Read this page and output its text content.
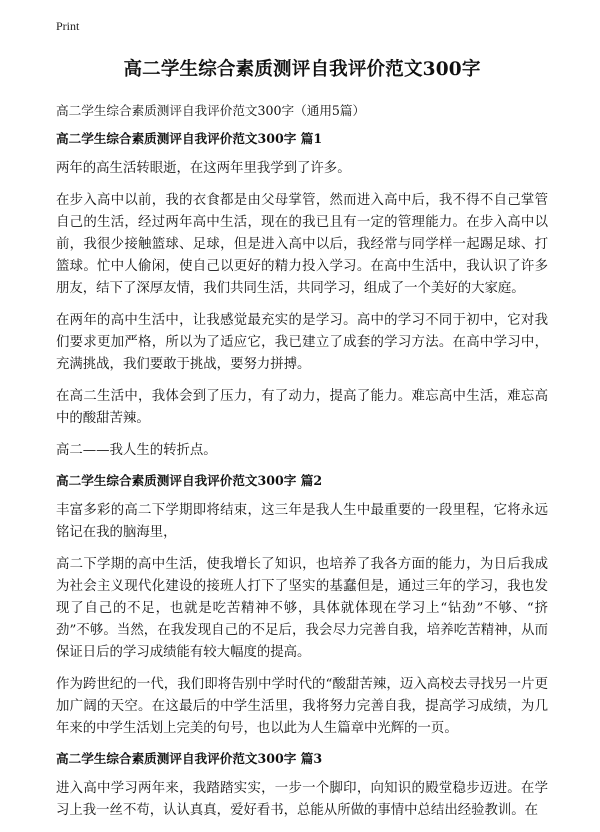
Print
高二学生综合素质测评自我评价范文300字
高二学生综合素质测评自我评价范文300字（通用5篇）
高二学生综合素质测评自我评价范文300字 篇1

两年的高生活转眼逝，在这两年里我学到了许多。

在步入高中以前，我的衣食都是由父母掌管，然而进入高中后，我不得不自己掌管自己的生活，经过两年高中生活，现在的我已且有一定的管理能力。在步入高中以前，我很少接触篮球、足球，但是进入高中以后，我经常与同学样一起踢足球、打篮球。忙中人偷闲，使自己以更好的精力投入学习。在高中生活中，我认识了许多朋友，结下了深厚友情，我们共同生活，共同学习，组成了一个美好的大家庭。

在两年的高中生活中，让我感觉最充实的是学习。高中的学习不同于初中，它对我们要求更加严格，所以为了适应它，我已建立了成套的学习方法。在高中学习中，充满挑战，我们要敢于挑战，要努力拼搏。

在高二生活中，我体会到了压力，有了动力，提高了能力。难忘高中生活，难忘高中的酸甜苦辣。

高二——我人生的转折点。

高二学生综合素质测评自我评价范文300字 篇2

丰富多彩的高二下学期即将结束，这三年是我人生中最重要的一段里程，它将永远铭记在我的脑海里，

高二下学期的高中生活，使我增长了知识，也培养了我各方面的能力，为日后我成为社会主义现代化建设的接班人打下了坚实的基蠢但是，通过三年的学习，我也发现了自己的不足，也就是吃苦精神不够，具体就体现在学习上“钻劲”不够、“挤劲”不够。当然，在我发现自己的不足后，我会尽力完善自我，培养吃苦精神，从而保证日后的学习成绩能有较大幅度的提高。

作为跨世纪的一代，我们即将告别中学时代的“酸甜苦辣，迈入高校去寻找另一片更加广阔的天空。在这最后的中学生活里，我将努力完善自我，提高学习成绩，为几年来的中学生活划上完美的句号，也以此为人生篇章中光辉的一页。

高二学生综合素质测评自我评价范文300字 篇3

进入高中学习两年来，我踏踏实实，一步一个脚印，向知识的殿堂稳步迈进。在学习上我一丝不苟，认认真真，爱好看书，总能从所做的事情中总结出经验教训。在
